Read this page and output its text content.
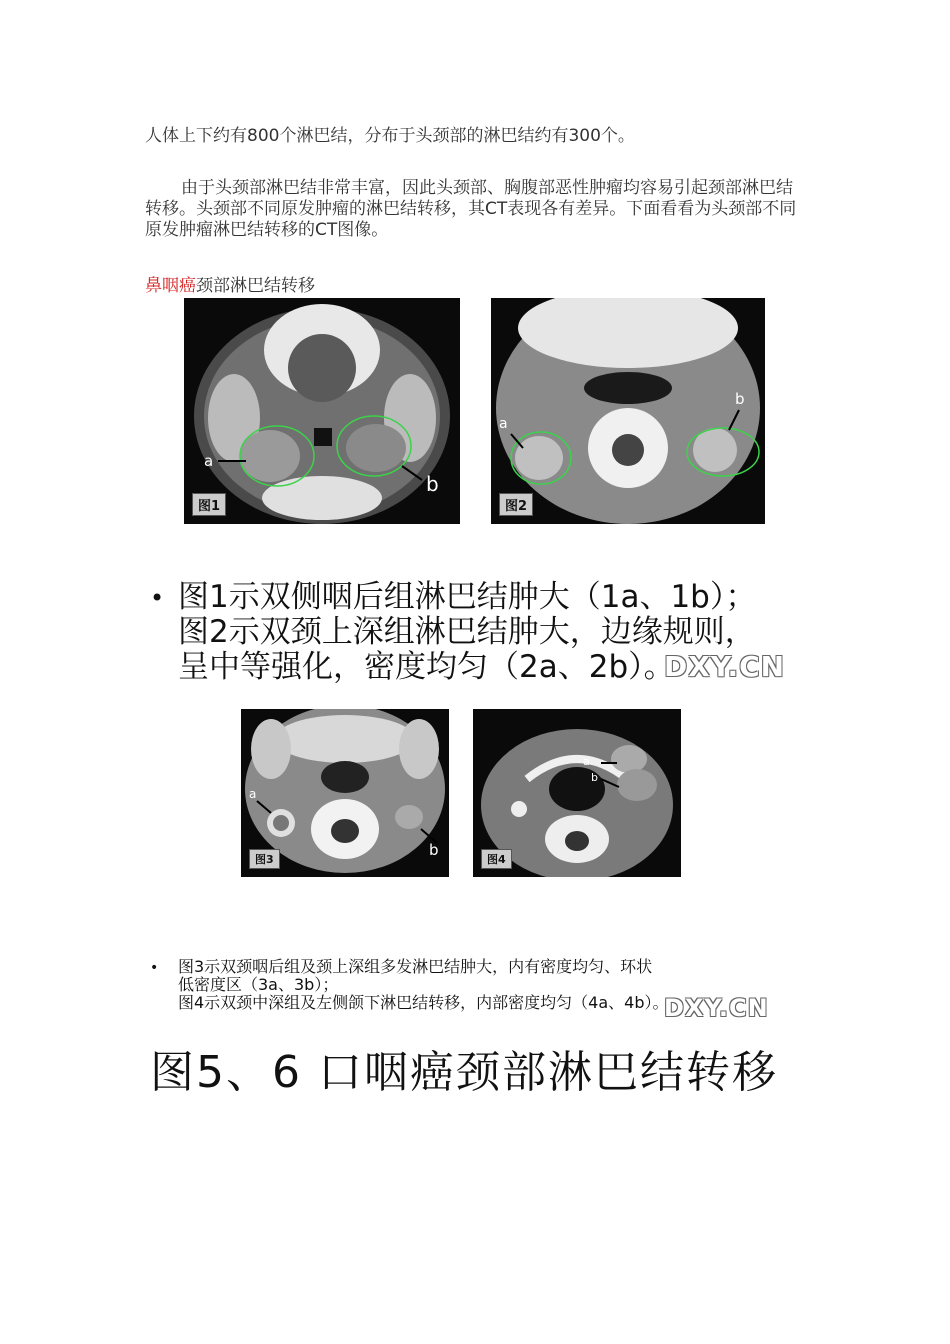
人体上下约有800个淋巴结，分布于头颈部的淋巴结约有300个。
由于头颈部淋巴结非常丰富，因此头颈部、胸腹部恶性肿瘤均容易引起颈部淋巴结转移。头颈部不同原发肿瘤的淋巴结转移，其CT表现各有差异。下面看看为头颈部不同原发肿瘤淋巴结转移的CT图像。
鼻咽癌颈部淋巴结转移
a
b
图1
a
b
图2
• 图1示双侧咽后组淋巴结肿大（1a、1b）；
图2示双颈上深组淋巴结肿大，边缘规则，
呈中等强化，密度均匀（2a、2b）。
DXY.CN
a
b
图3
a
b
图4
• 图3示双颈咽后组及颈上深组多发淋巴结肿大，内有密度均匀、环状
低密度区（3a、3b）；
图4示双颈中深组及左侧颌下淋巴结转移，内部密度均匀（4a、4b）。
DXY.CN
图5、6 口咽癌颈部淋巴结转移
